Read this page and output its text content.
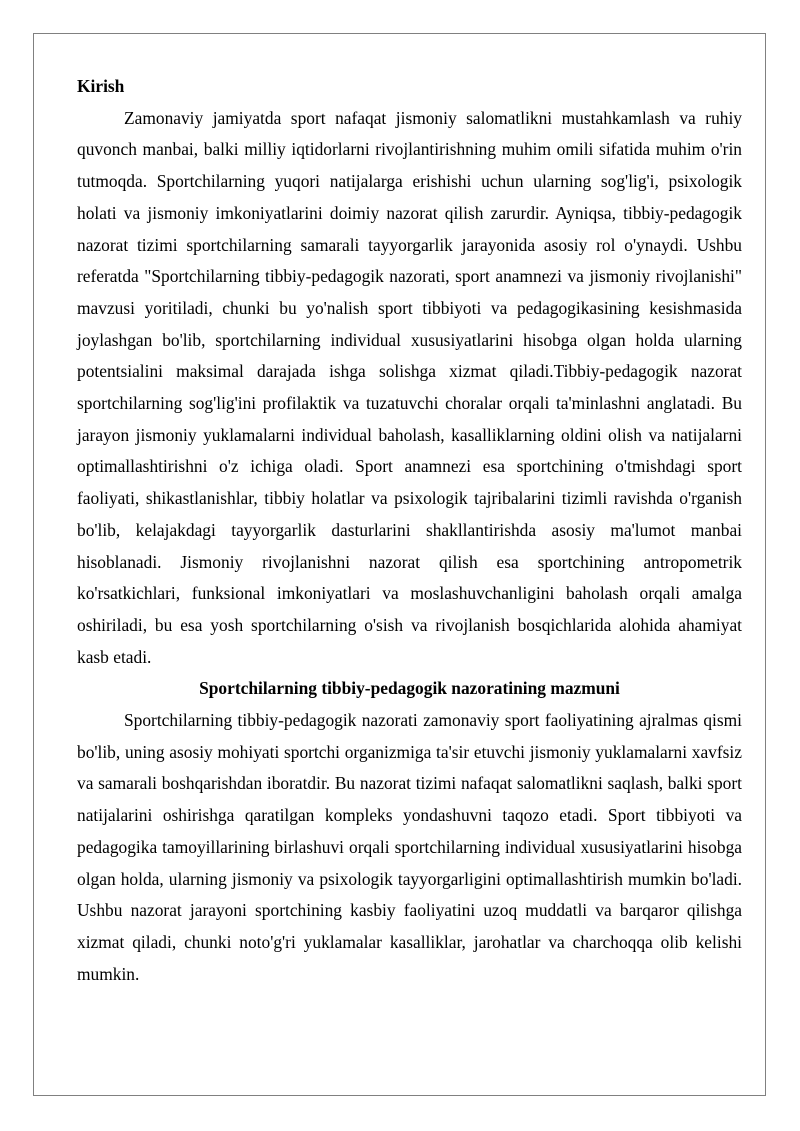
Kirish

Zamonaviy jamiyatda sport nafaqat jismoniy salomatlikni mustahkamlash va ruhiy quvonch manbai, balki milliy iqtidorlarni rivojlantirishning muhim omili sifatida muhim o'rin tutmoqda. Sportchilarning yuqori natijalarga erishishi uchun ularning sog'lig'i, psixologik holati va jismoniy imkoniyatlarini doimiy nazorat qilish zarurdir. Ayniqsa, tibbiy-pedagogik nazorat tizimi sportchilarning samarali tayyorgarlik jarayonida asosiy rol o'ynaydi. Ushbu referatda "Sportchilarning tibbiy-pedagogik nazorati, sport anamnezi va jismoniy rivojlanishi" mavzusi yoritiladi, chunki bu yo'nalish sport tibbiyoti va pedagogikasining kesishmasida joylashgan bo'lib, sportchilarning individual xususiyatlarini hisobga olgan holda ularning potentsialini maksimal darajada ishga solishga xizmat qiladi.Tibbiy-pedagogik nazorat sportchilarning sog'lig'ini profilaktik va tuzatuvchi choralar orqali ta'minlashni anglatadi. Bu jarayon jismoniy yuklamalarni individual baholash, kasalliklarning oldini olish va natijalarni optimallashtirishni o'z ichiga oladi. Sport anamnezi esa sportchining o'tmishdagi sport faoliyati, shikastlanishlar, tibbiy holatlar va psixologik tajribalarini tizimli ravishda o'rganish bo'lib, kelajakdagi tayyorgarlik dasturlarini shakllantirishda asosiy ma'lumot manbai hisoblanadi. Jismoniy rivojlanishni nazorat qilish esa sportchining antropometrik ko'rsatkichlari, funksional imkoniyatlari va moslashuvchanligini baholash orqali amalga oshiriladi, bu esa yosh sportchilarning o'sish va rivojlanish bosqichlarida alohida ahamiyat kasb etadi.

Sportchilarning tibbiy-pedagogik nazoratining mazmuni

Sportchilarning tibbiy-pedagogik nazorati zamonaviy sport faoliyatining ajralmas qismi bo'lib, uning asosiy mohiyati sportchi organizmiga ta'sir etuvchi jismoniy yuklamalarni xavfsiz va samarali boshqarishdan iboratdir. Bu nazorat tizimi nafaqat salomatlikni saqlash, balki sport natijalarini oshirishga qaratilgan kompleks yondashuvni taqozo etadi. Sport tibbiyoti va pedagogika tamoyillarining birlashuvi orqali sportchilarning individual xususiyatlarini hisobga olgan holda, ularning jismoniy va psixologik tayyorgarligini optimallashtirish mumkin bo'ladi. Ushbu nazorat jarayoni sportchining kasbiy faoliyatini uzoq muddatli va barqaror qilishga xizmat qiladi, chunki noto'g'ri yuklamalar kasalliklar, jarohatlar va charchoqqa olib kelishi mumkin.
